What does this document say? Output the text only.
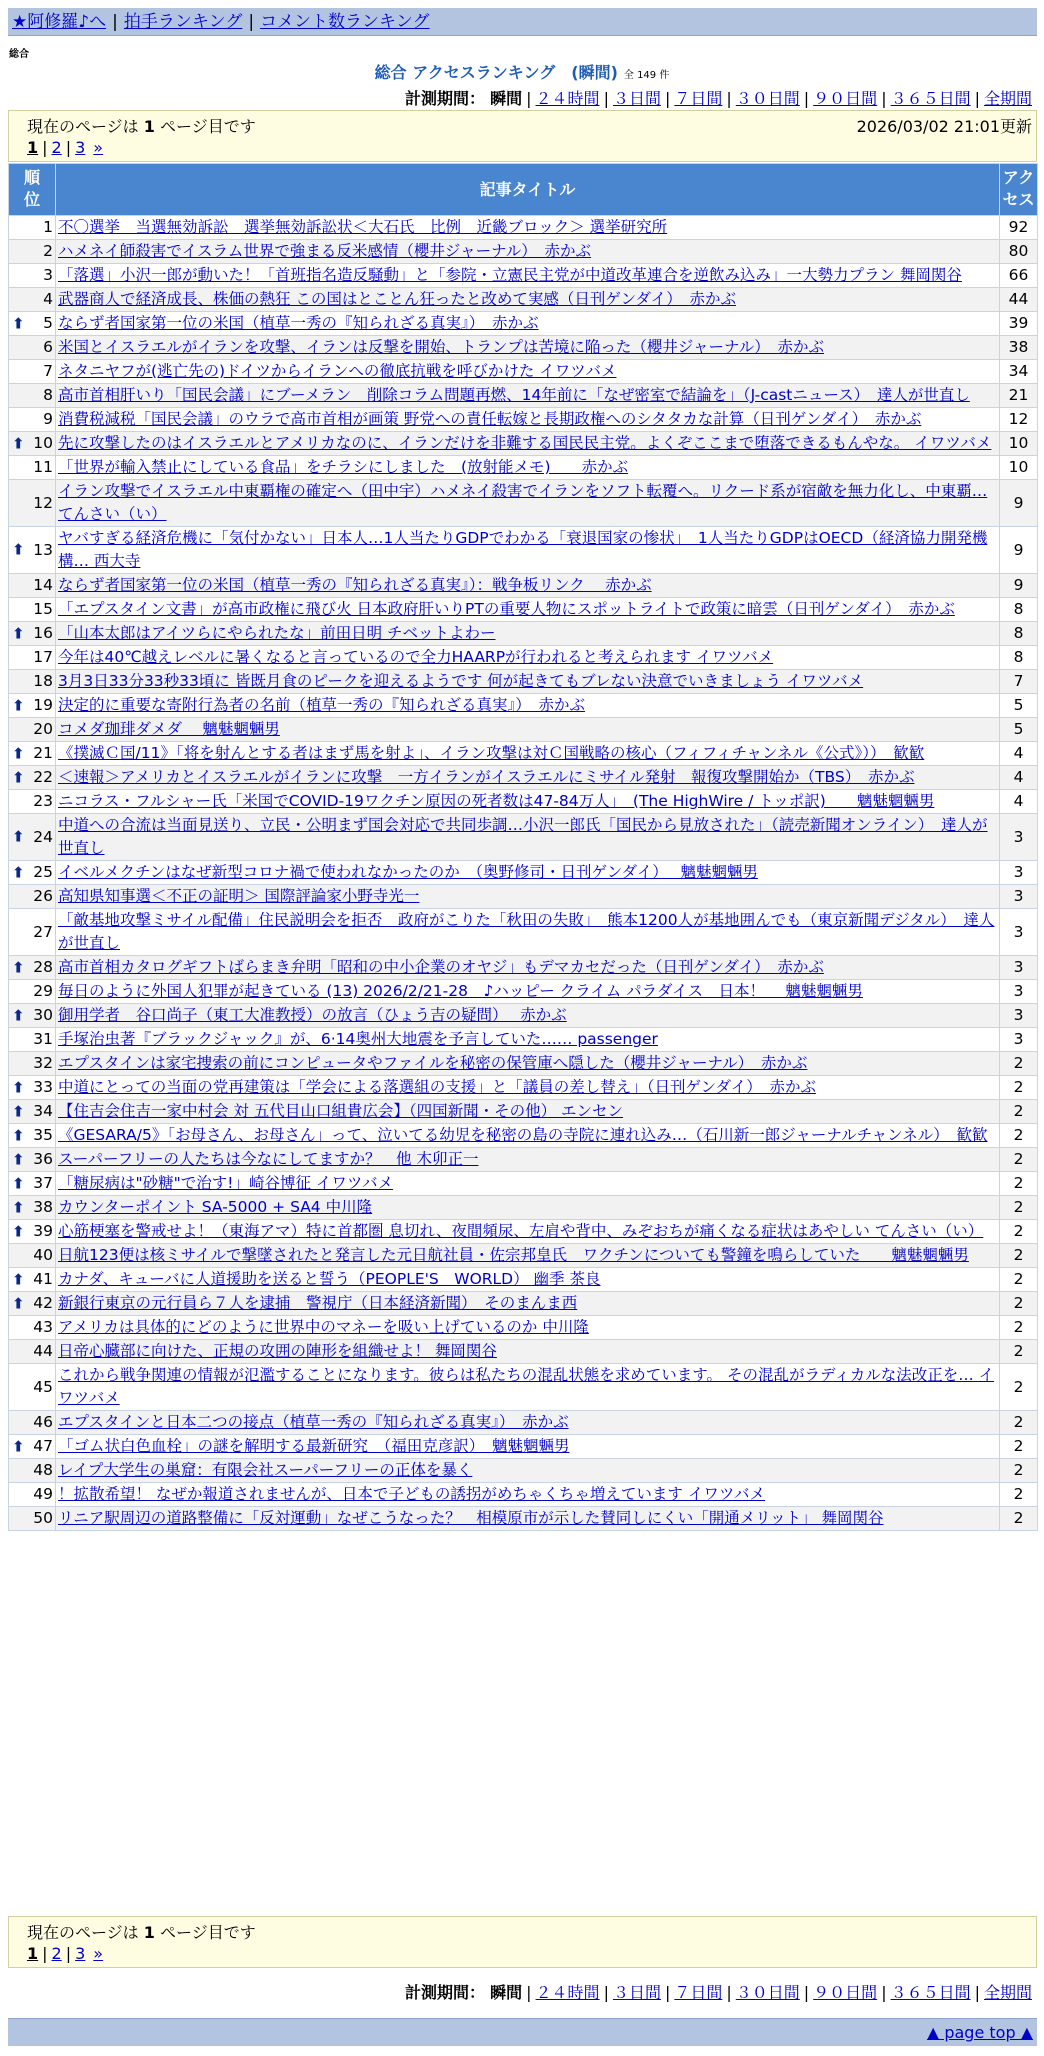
★阿修羅♪へ | 拍手ランキング | コメント数ランキング
総合
総合 アクセスランキング　(瞬間) 全 149 件
計測期間： 瞬間 | ２４時間 | ３日間 | ７日間 | ３０日間 | ９０日間 | ３６５日間 | 全期間
現在のページは 1 ページ目です	2026/03/02 21:01更新
1 | 2 | 3 »
順位	記事タイトル	アクセス
1	不〇選挙　当選無効訴訟　選挙無効訴訟状＜大石氏　比例　近畿ブロック＞ 選挙研究所	92
2	ハメネイ師殺害でイスラム世界で強まる反米感情（櫻井ジャーナル）　赤かぶ	80
3	「落選」小沢一郎が動いた！「首班指名造反騒動」と「参院・立憲民主党が中道改革連合を逆飲み込み」一大勢力プラン 舞岡関谷	66
4	武器商人で経済成長、株価の熱狂 この国はとことん狂ったと改めて実感（日刊ゲンダイ）　赤かぶ	44

⬆ 5	ならず者国家第一位の米国（植草一秀の『知られざる真実』）　赤かぶ	39
6	米国とイスラエルがイランを攻撃、イランは反撃を開始、トランプは苦境に陥った（櫻井ジャーナル）　赤かぶ	38
7	ネタニヤフが(逃亡先の)ドイツからイランへの徹底抗戦を呼びかけた イワツバメ	34
8	高市首相肝いり「国民会議」にブーメラン　削除コラム問題再燃、14年前に「なぜ密室で結論を」（J-castニュース）　達人が世直し	21
9	消費税減税「国民会議」のウラで高市首相が画策 野党への責任転嫁と長期政権へのシタタカな計算（日刊ゲンダイ）　赤かぶ	12

⬆ 10	先に攻撃したのはイスラエルとアメリカなのに、イランだけを非難する国民民主党。よくぞここまで堕落できるもんやな。 イワツバメ	10
11	「世界が輸入禁止にしている食品」をチラシにしました　(放射能メモ)　　赤かぶ	10
12	イラン攻撃でイスラエル中東覇権の確定へ（田中宇）ハメネイ殺害でイランをソフト転覆へ。リクード系が宿敵を無力化し、中東覇… てんさい（い）	9

⬆ 13	ヤバすぎる経済危機に「気付かない」日本人…1人当たりGDPでわかる「衰退国家の惨状」　1人当たりGDPはOECD（経済協力開発機構… 西大寺	9
14	ならず者国家第一位の米国（植草一秀の『知られざる真実』）：戦争板リンク　 赤かぶ	9
15	「エプスタイン文書」が高市政権に飛び火 日本政府肝いりPTの重要人物にスポットライトで政策に暗雲（日刊ゲンダイ）　赤かぶ	8

⬆ 16	「山本太郎はアイツらにやられたな」前田日明 チベットよわー	8
17	今年は40℃越えレベルに暑くなると言っているので全力HAARPが行われると考えられます イワツバメ	8
18	3月3日33分33秒33頃に 皆既月食のピークを迎えるようです 何が起きてもブレない決意でいきましょう イワツバメ	7

⬆ 19	決定的に重要な寄附行為者の名前（植草一秀の『知られざる真実』）　赤かぶ	5
20	コメダ珈琲ダメダ　 魑魅魍魎男	5

⬆ 21	《撲滅Ｃ国/11》「将を射んとする者はまず馬を射よ」、イラン攻撃は対Ｃ国戦略の核心（フィフィチャンネル《公式》））　歓歓	4

⬆ 22	＜速報＞アメリカとイスラエルがイランに攻撃　一方イランがイスラエルにミサイル発射　報復攻撃開始か（TBS）　赤かぶ	4
23	ニコラス・フルシャー氏「米国でCOVID-19ワクチン原因の死者数は47-84万人」　(The HighWire / トッポ訳)　　魑魅魍魎男	4

⬆ 24	中道への合流は当面見送り、立民・公明まず国会対応で共同歩調…小沢一郎氏「国民から見放された」（読売新聞オンライン）　達人が世直し	3

⬆ 25	イベルメクチンはなぜ新型コロナ禍で使われなかったのか　（奥野修司・日刊ゲンダイ）　 魑魅魍魎男	3
26	高知県知事選＜不正の証明＞ 国際評論家小野寺光一	3
27	「敵基地攻撃ミサイル配備」住民説明会を拒否　政府がこりた「秋田の失敗」　熊本1200人が基地囲んでも（東京新聞デジタル）　達人が世直し	3

⬆ 28	高市首相カタログギフトばらまき弁明「昭和の中小企業のオヤジ」もデマカセだった（日刊ゲンダイ）　赤かぶ	3
29	毎日のように外国人犯罪が起きている (13) 2026/2/21-28　♪ハッピー クライム パラダイス　日本！　 魑魅魍魎男	3

⬆ 30	御用学者　谷口尚子（東工大准教授）の放言（ひょう吉の疑問）　 赤かぶ	3
31	手塚治虫著『ブラックジャック』が、6·14奥州大地震を予言していた…… passenger	3
32	エプスタインは家宅捜索の前にコンピュータやファイルを秘密の保管庫へ隠した（櫻井ジャーナル）　赤かぶ	2

⬆ 33	中道にとっての当面の党再建策は「学会による落選組の支援」と「議員の差し替え」（日刊ゲンダイ）　赤かぶ	2

⬆ 34	【住吉会住吉一家中村会 対 五代目山口組貴広会】（四国新聞・その他） エンセン	2

⬆ 35	《GESARA/5》「お母さん、お母さん」って、泣いてる幼児を秘密の島の寺院に連れ込み…（石川新一郎ジャーナルチャンネル）　歓歓	2

⬆ 36	スーパーフリーの人たちは今なにしてますか？　他 木卯正一	2

⬆ 37	「糖尿病は"砂糖"で治す!」崎谷博征 イワツバメ	2

⬆ 38	カウンターポイント SA-5000 + SA4 中川隆	2

⬆ 39	心筋梗塞を警戒せよ！（東海アマ）特に首都圏 息切れ、夜間頻尿、左肩や背中、みぞおちが痛くなる症状はあやしい てんさい（い）	2
40	日航123便は核ミサイルで撃墜されたと発言した元日航社員・佐宗邦皇氏　ワクチンについても警鐘を鳴らしていた　　魑魅魍魎男	2

⬆ 41	カナダ、キューバに人道援助を送ると誓う（PEOPLE'S　WORLD） 幽季 茶良	2

⬆ 42	新銀行東京の元行員ら７人を逮捕　警視庁（日本経済新聞）　そのまんま西	2
43	アメリカは具体的にどのように世界中のマネーを吸い上げているのか 中川隆	2
44	日帝心臓部に向けた、正規の攻囲の陣形を組織せよ！ 舞岡関谷	2
45	これから戦争関連の情報が氾濫することになります。彼らは私たちの混乱状態を求めています。 その混乱がラディカルな法改正を… イワツバメ	2
46	エプスタインと日本二つの接点（植草一秀の『知られざる真実』）　赤かぶ	2

⬆ 47	「ゴム状白色血栓」の謎を解明する最新研究　（福田克彦訳）　魑魅魍魎男	2
48	レイプ大学生の巣窟：有限会社スーパーフリーの正体を暴く	2
49	！拡散希望！ なぜか報道されませんが、日本で子どもの誘拐がめちゃくちゃ増えています イワツバメ	2
50	リニア駅周辺の道路整備に「反対運動」なぜこうなった？　相模原市が示した賛同しにくい「開通メリット」 舞岡関谷	2
現在のページは 1 ページ目です
1 | 2 | 3 »
計測期間： 瞬間 | ２４時間 | ３日間 | ７日間 | ３０日間 | ９０日間 | ３６５日間 | 全期間
▲ page top ▲
